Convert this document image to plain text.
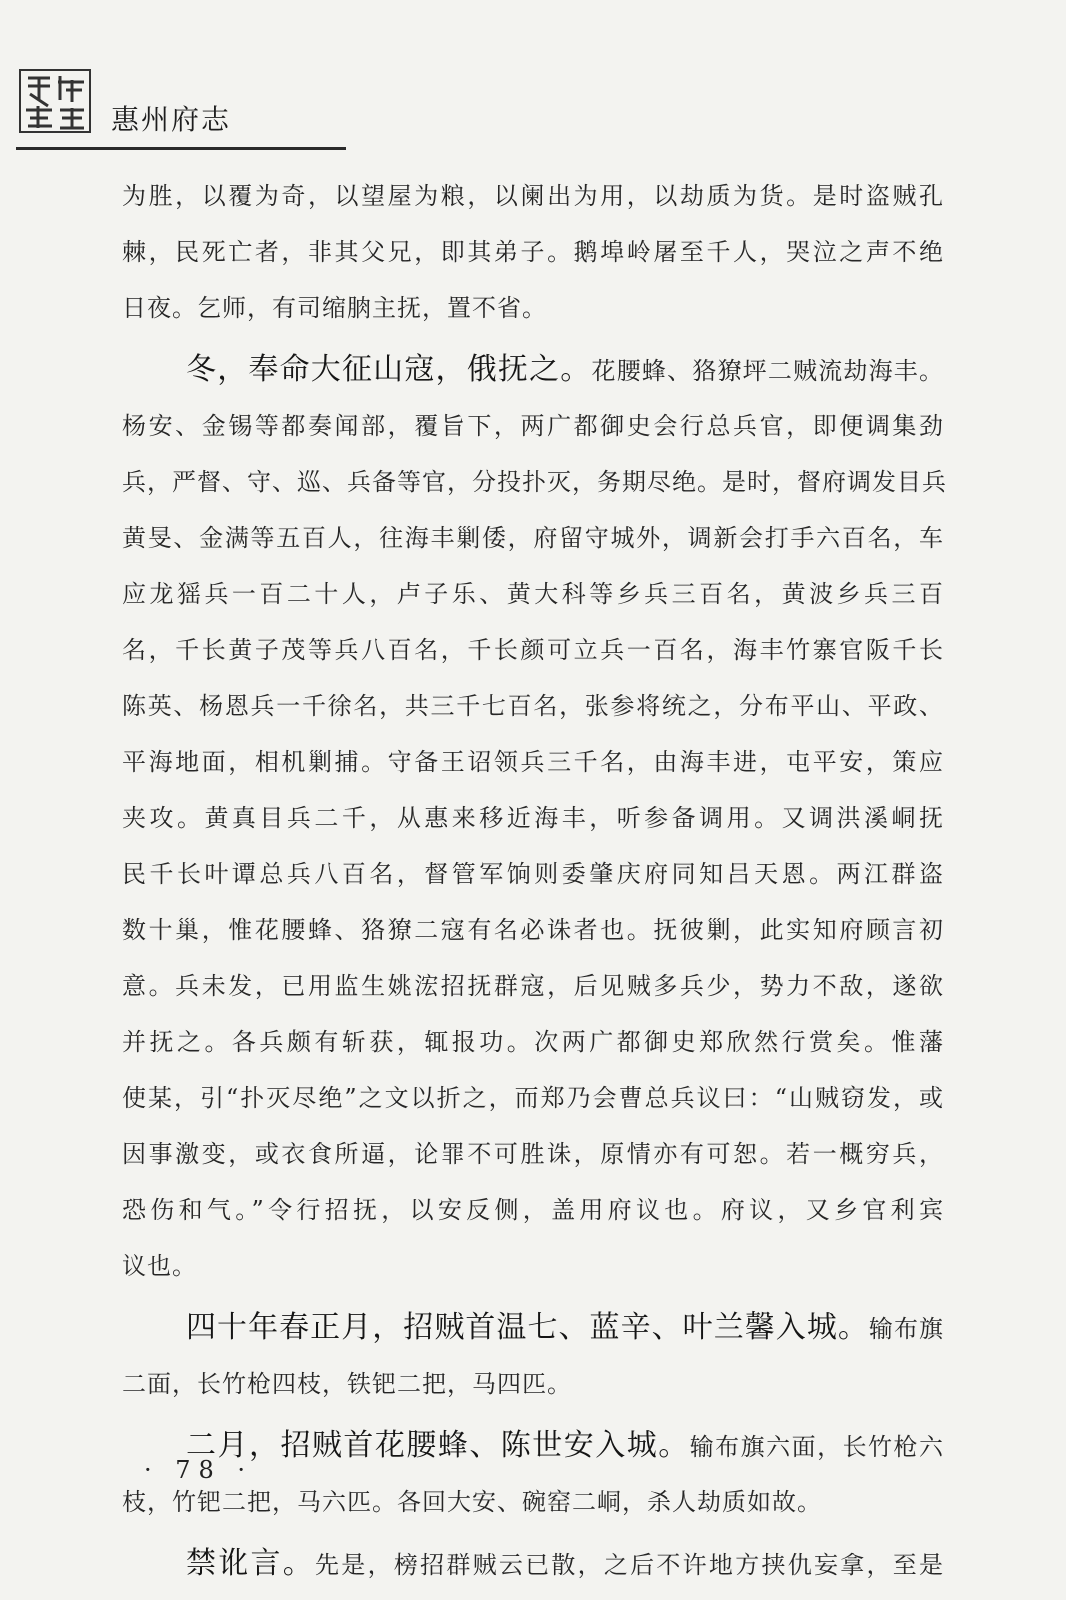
惠州府志
为胜，以覆为奇，以望屋为粮，以阑出为用，以劫质为货。是时盗贼孔
棘，民死亡者，非其父兄，即其弟子。鹅埠岭屠至千人，哭泣之声不绝
日夜。乞师，有司缩朒主抚，置不省。
冬，奉命大征山寇，俄抚之。花腰蜂、狢獠坪二贼流劫海丰。
杨安、金锡等都奏闻部，覆旨下，两广都御史会行总兵官，即便调集劲
兵，严督、守、巡、兵备等官，分投扑灭，务期尽绝。是时，督府调发目兵
黄旻、金满等五百人，往海丰剿倭，府留守城外，调新会打手六百名，车
应龙猺兵一百二十人，卢子乐、黄大科等乡兵三百名，黄波乡兵三百
名，千长黄子茂等兵八百名，千长颜可立兵一百名，海丰竹寨官阪千长
陈英、杨恩兵一千徐名，共三千七百名，张参将统之，分布平山、平政、
平海地面，相机剿捕。守备王诏领兵三千名，由海丰进，屯平安，策应
夹攻。黄真目兵二千，从惠来移近海丰，听参备调用。又调洪溪峒抚
民千长叶谭总兵八百名，督管军饷则委肇庆府同知吕天恩。两江群盗
数十巢，惟花腰蜂、狢獠二寇有名必诛者也。抚彼剿，此实知府顾言初
意。兵未发，已用监生姚浤招抚群寇，后见贼多兵少，势力不敌，遂欲
并抚之。各兵颇有斩获，辄报功。次两广都御史郑欣然行赏矣。惟藩
使某，引“扑灭尽绝”之文以折之，而郑乃会曹总兵议曰：“山贼窃发，或
因事激变，或衣食所逼，论罪不可胜诛，原情亦有可恕。若一概穷兵，
恐伤和气。”令行招抚，以安反侧，盖用府议也。府议，又乡官利宾
议也。
四十年春正月，招贼首温七、蓝辛、叶兰馨入城。输布旗
二面，长竹枪四枝，铁钯二把，马四匹。
二月，招贼首花腰蜂、陈世安入城。输布旗六面，长竹枪六
枝，竹钯二把，马六匹。各回大安、碗窑二峒，杀人劫质如故。
禁讹言。先是，榜招群贼云已散，之后不许地方挟仇妄拿，至是
· 78 ·
